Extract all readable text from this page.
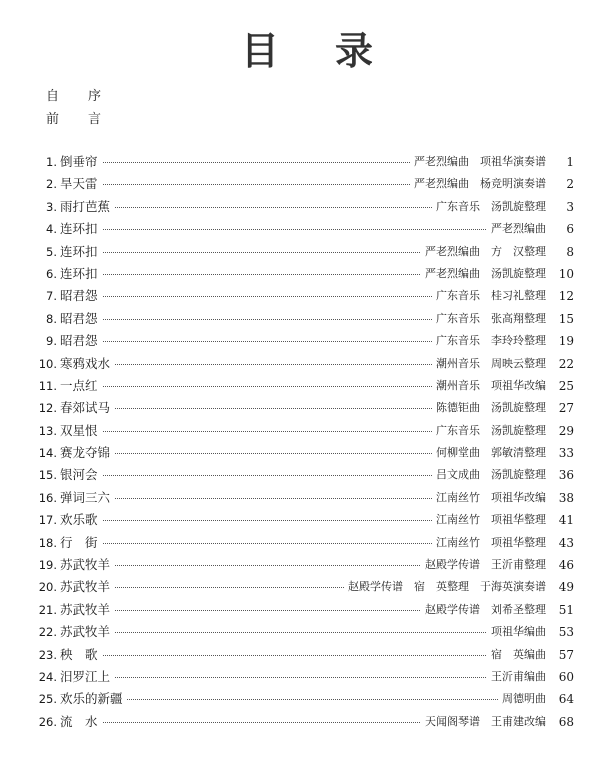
目 录
自　序
前　言
1. 倒垂帘	严老烈编曲　项祖华演奏谱	1
2. 旱天雷	严老烈编曲　杨竞明演奏谱	2
3. 雨打芭蕉	广东音乐　汤凯旋整理	3
4. 连环扣	严老烈编曲	6
5. 连环扣	严老烈编曲　方　汉整理	8
6. 连环扣	严老烈编曲　汤凯旋整理	10
7. 昭君怨	广东音乐　桂习礼整理	12
8. 昭君怨	广东音乐　张高翔整理	15
9. 昭君怨	广东音乐　李玲玲整理	19
10. 寒鸦戏水	潮州音乐　周映云整理	22
11. 一点红	潮州音乐　项祖华改编	25
12. 春郊试马	陈德钜曲　汤凯旋整理	27
13. 双星恨	广东音乐　汤凯旋整理	29
14. 赛龙夺锦	何柳堂曲　郭敏清整理	33
15. 银河会	吕文成曲　汤凯旋整理	36
16. 弹词三六	江南丝竹　项祖华改编	38
17. 欢乐歌	江南丝竹　项祖华整理	41
18. 行　街	江南丝竹　项祖华整理	43
19. 苏武牧羊	赵殿学传谱　王沂甫整理	46
20. 苏武牧羊	赵殿学传谱　宿　英整理　于海英演奏谱	49
21. 苏武牧羊	赵殿学传谱　刘希圣整理	51
22. 苏武牧羊	项祖华编曲	53
23. 秧　歌	宿　英编曲	57
24. 汨罗江上	王沂甫编曲	60
25. 欢乐的新疆	周德明曲	64
26. 流　水	天闻阁琴谱　王甫建改编	68
